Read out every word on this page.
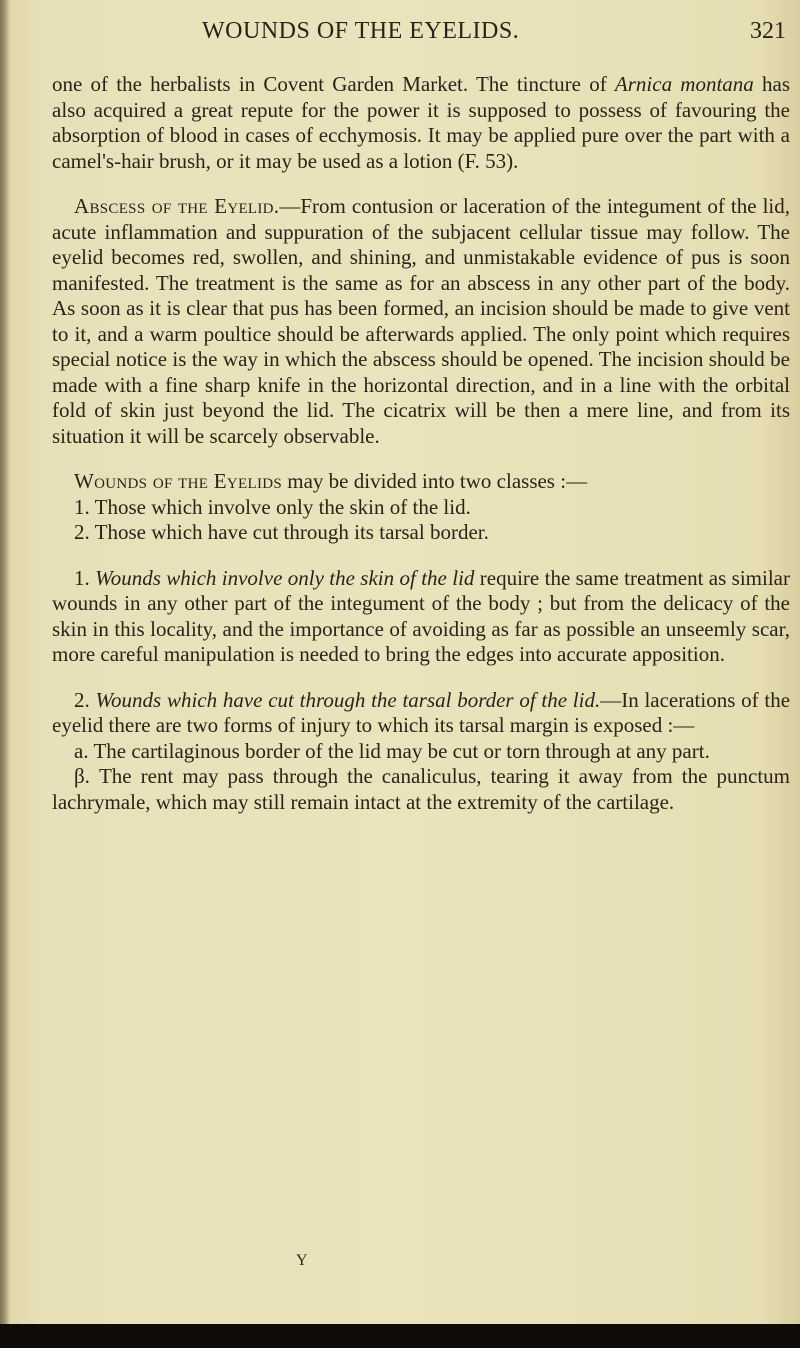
WOUNDS OF THE EYELIDS.	321

one of the herbalists in Covent Garden Market. The tincture of Arnica montana has also acquired a great repute for the power it is supposed to possess of favouring the absorption of blood in cases of ecchymosis. It may be applied pure over the part with a camel's-hair brush, or it may be used as a lotion (F. 53).

Abscess of the Eyelid.—From contusion or laceration of the integument of the lid, acute inflammation and suppuration of the subjacent cellular tissue may follow. The eyelid becomes red, swollen, and shining, and unmistakable evidence of pus is soon manifested. The treatment is the same as for an abscess in any other part of the body. As soon as it is clear that pus has been formed, an incision should be made to give vent to it, and a warm poultice should be afterwards applied. The only point which requires special notice is the way in which the abscess should be opened. The incision should be made with a fine sharp knife in the horizontal direction, and in a line with the orbital fold of skin just beyond the lid. The cicatrix will be then a mere line, and from its situation it will be scarcely observable.

Wounds of the Eyelids may be divided into two classes :—

1. Those which involve only the skin of the lid.

2. Those which have cut through its tarsal border.

1. Wounds which involve only the skin of the lid require the same treatment as similar wounds in any other part of the integument of the body ; but from the delicacy of the skin in this locality, and the importance of avoiding as far as possible an unseemly scar, more careful manipulation is needed to bring the edges into accurate apposition.

2. Wounds which have cut through the tarsal border of the lid.—In lacerations of the eyelid there are two forms of injury to which its tarsal margin is exposed :—

a. The cartilaginous border of the lid may be cut or torn through at any part.

β. The rent may pass through the canaliculus, tearing it away from the punctum lachrymale, which may still remain intact at the extremity of the cartilage.

Y
